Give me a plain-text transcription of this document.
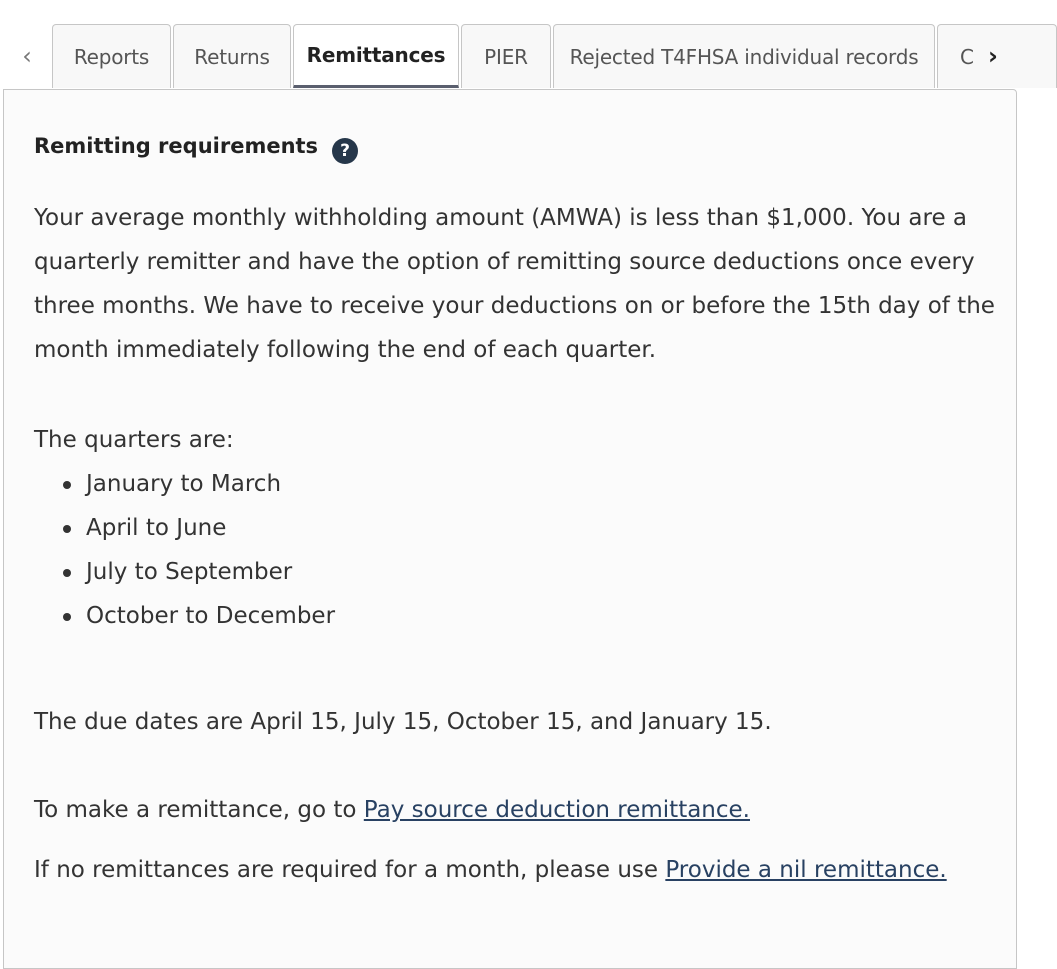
‹	Reports	Returns	Remittances	PIER	Rejected T4FHSA individual records	C ›
Remitting requirements	?

Your average monthly withholding amount (AMWA) is less than $1,000. You are a quarterly remitter and have the option of remitting source deductions once every three months. We have to receive your deductions on or before the 15th day of the month immediately following the end of each quarter.

The quarters are:

January to March
April to June
July to September
October to December

The due dates are April 15, July 15, October 15, and January 15.

To make a remittance, go to Pay source deduction remittance.

If no remittances are required for a month, please use Provide a nil remittance.
